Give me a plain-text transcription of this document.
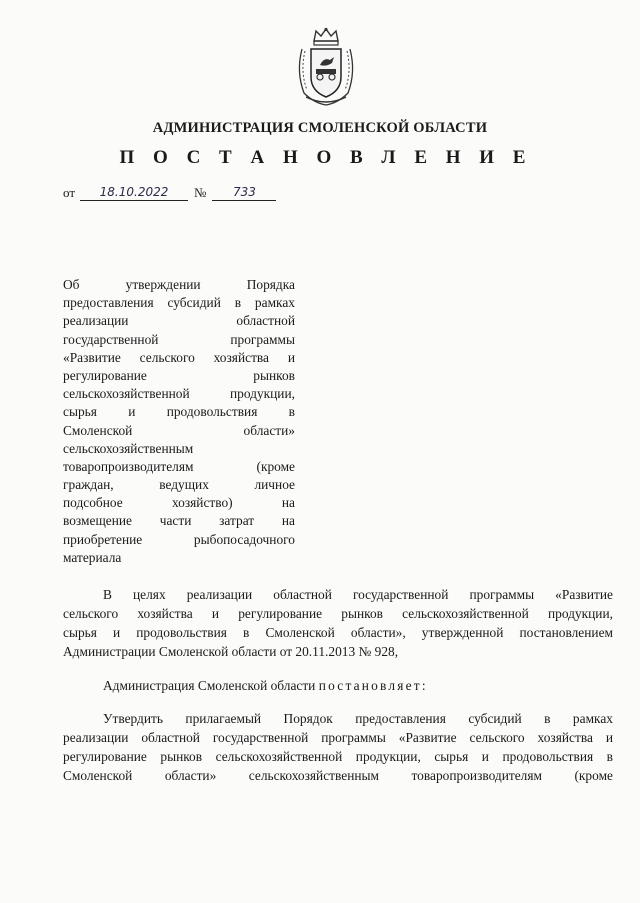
АДМИНИСТРАЦИЯ СМОЛЕНСКОЙ ОБЛАСТИ
П О С Т А Н О В Л Е Н И Е
от	18.10.2022	№	733
Об утверждении Порядка
предоставления субсидий в рамках
реализации областной
государственной программы
«Развитие сельского хозяйства и
регулирование рынков
сельскохозяйственной продукции,
сырья и продовольствия в
Смоленской области»
сельскохозяйственным
товаропроизводителям (кроме
граждан, ведущих личное
подсобное хозяйство) на
возмещение части затрат на
приобретение рыбопосадочного
материала
В целях реализации областной государственной программы «Развитие
сельского хозяйства и регулирование рынков сельскохозяйственной продукции,
сырья и продовольствия в Смоленской области», утвержденной постановлением
Администрации Смоленской области от 20.11.2013 № 928,
Администрация Смоленской области постановляет:
Утвердить прилагаемый Порядок предоставления субсидий в рамках
реализации областной государственной программы «Развитие сельского хозяйства и
регулирование рынков сельскохозяйственной продукции, сырья и продовольствия в
Смоленской области» сельскохозяйственным товаропроизводителям (кроме
